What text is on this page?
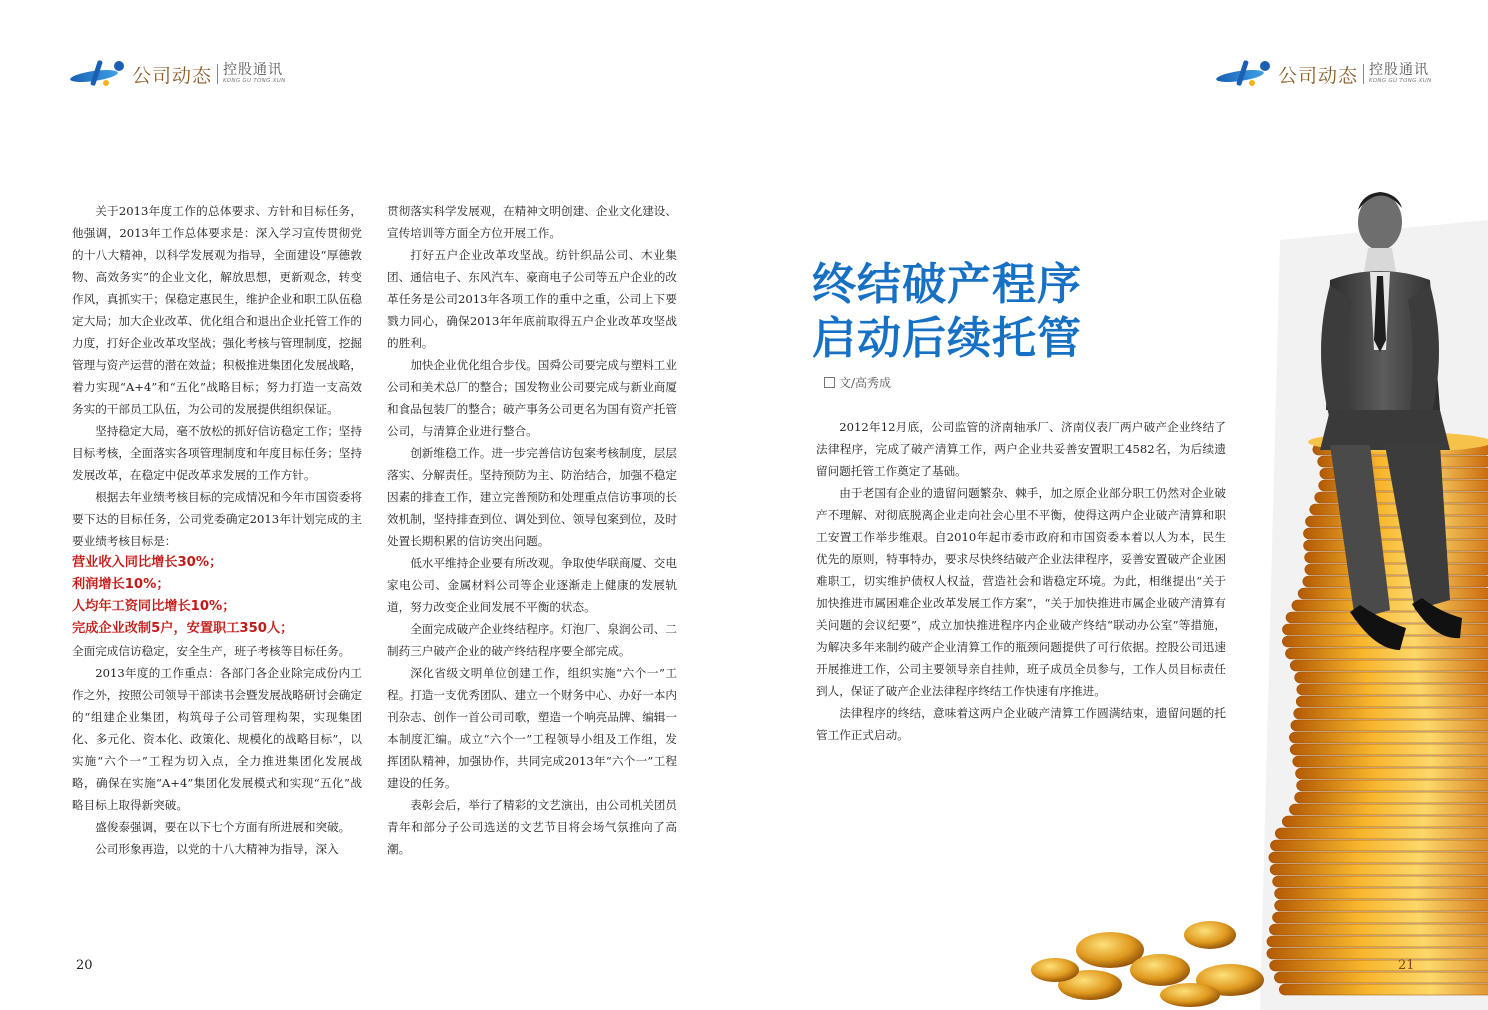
公司动态 控股通讯
KONG GU TONG XUN

关于2013年度工作的总体要求、方针和目标任务，他强调，2013年工作总体要求是：深入学习宣传贯彻党的十八大精神，以科学发展观为指导，全面建设“厚德敦物、高效务实”的企业文化，解放思想，更新观念，转变作风，真抓实干；保稳定惠民生，维护企业和职工队伍稳定大局；加大企业改革、优化组合和退出企业托管工作的力度，打好企业改革攻坚战；强化考核与管理制度，挖掘管理与资产运营的潜在效益；积极推进集团化发展战略，着力实现“A+4”和“五化”战略目标；努力打造一支高效务实的干部员工队伍，为公司的发展提供组织保证。

坚持稳定大局，毫不放松的抓好信访稳定工作；坚持目标考核，全面落实各项管理制度和年度目标任务；坚持发展改革，在稳定中促改革求发展的工作方针。

根据去年业绩考核目标的完成情况和今年市国资委将要下达的目标任务，公司党委确定2013年计划完成的主要业绩考核目标是：

营业收入同比增长30%；

利润增长10%；

人均年工资同比增长10%；

完成企业改制5户，安置职工350人；

全面完成信访稳定，安全生产，班子考核等目标任务。

2013年度的工作重点：各部门各企业除完成份内工作之外，按照公司领导干部读书会暨发展战略研讨会确定的“组建企业集团，构筑母子公司管理构架，实现集团化、多元化、资本化、政策化、规模化的战略目标”，以实施“六个一”工程为切入点，全力推进集团化发展战略，确保在实施“A+4”集团化发展模式和实现“五化”战略目标上取得新突破。

盛俊泰强调，要在以下七个方面有所进展和突破。

公司形象再造，以党的十八大精神为指导，深入

贯彻落实科学发展观，在精神文明创建、企业文化建设、宣传培训等方面全方位开展工作。

打好五户企业改革攻坚战。纺针织品公司、木业集团、通信电子、东风汽车、豪商电子公司等五户企业的改革任务是公司2013年各项工作的重中之重，公司上下要戮力同心，确保2013年年底前取得五户企业改革攻坚战的胜利。

加快企业优化组合步伐。国舜公司要完成与塑料工业公司和美术总厂的整合；国发物业公司要完成与新业商厦和食品包装厂的整合；破产事务公司更名为国有资产托管公司，与清算企业进行整合。

创新维稳工作。进一步完善信访包案考核制度，层层落实、分解责任。坚持预防为主、防治结合，加强不稳定因素的排查工作，建立完善预防和处理重点信访事项的长效机制，坚持排查到位、调处到位、领导包案到位，及时处置长期积累的信访突出问题。

低水平维持企业要有所改观。争取使华联商厦、交电家电公司、金属材料公司等企业逐渐走上健康的发展轨道，努力改变企业间发展不平衡的状态。

全面完成破产企业终结程序。灯泡厂、泉润公司、二制药三户破产企业的破产终结程序要全部完成。

深化省级文明单位创建工作，组织实施“六个一”工程。打造一支优秀团队、建立一个财务中心、办好一本内刊杂志、创作一首公司司歌，塑造一个响亮品牌、编辑一本制度汇编。成立“六个一”工程领导小组及工作组，发挥团队精神，加强协作，共同完成2013年“六个一”工程建设的任务。

表彰会后，举行了精彩的文艺演出，由公司机关团员青年和部分子公司选送的文艺节目将会场气氛推向了高潮。

20
公司动态 控股通讯
KONG GU TONG XUN
终结破产程序
启动后续托管
文/高秀成

2012年12月底，公司监管的济南轴承厂、济南仪表厂两户破产企业终结了法律程序，完成了破产清算工作，两户企业共妥善安置职工4582名，为后续遗留问题托管工作奠定了基础。

由于老国有企业的遗留问题繁杂、棘手，加之原企业部分职工仍然对企业破产不理解、对彻底脱离企业走向社会心里不平衡，使得这两户企业破产清算和职工安置工作举步维艰。自2010年起市委市政府和市国资委本着以人为本，民生优先的原则，特事特办，要求尽快终结破产企业法律程序，妥善安置破产企业困难职工，切实维护债权人权益，营造社会和谐稳定环境。为此，相继提出“关于加快推进市属困难企业改革发展工作方案”，“关于加快推进市属企业破产清算有关问题的会议纪要”，成立加快推进程序内企业破产终结“联动办公室”等措施，为解决多年来制约破产企业清算工作的瓶颈问题提供了可行依据。控股公司迅速开展推进工作，公司主要领导亲自挂帅，班子成员全员参与，工作人员目标责任到人，保证了破产企业法律程序终结工作快速有序推进。

法律程序的终结，意味着这两户企业破产清算工作圆满结束，遗留问题的托管工作正式启动。

21
